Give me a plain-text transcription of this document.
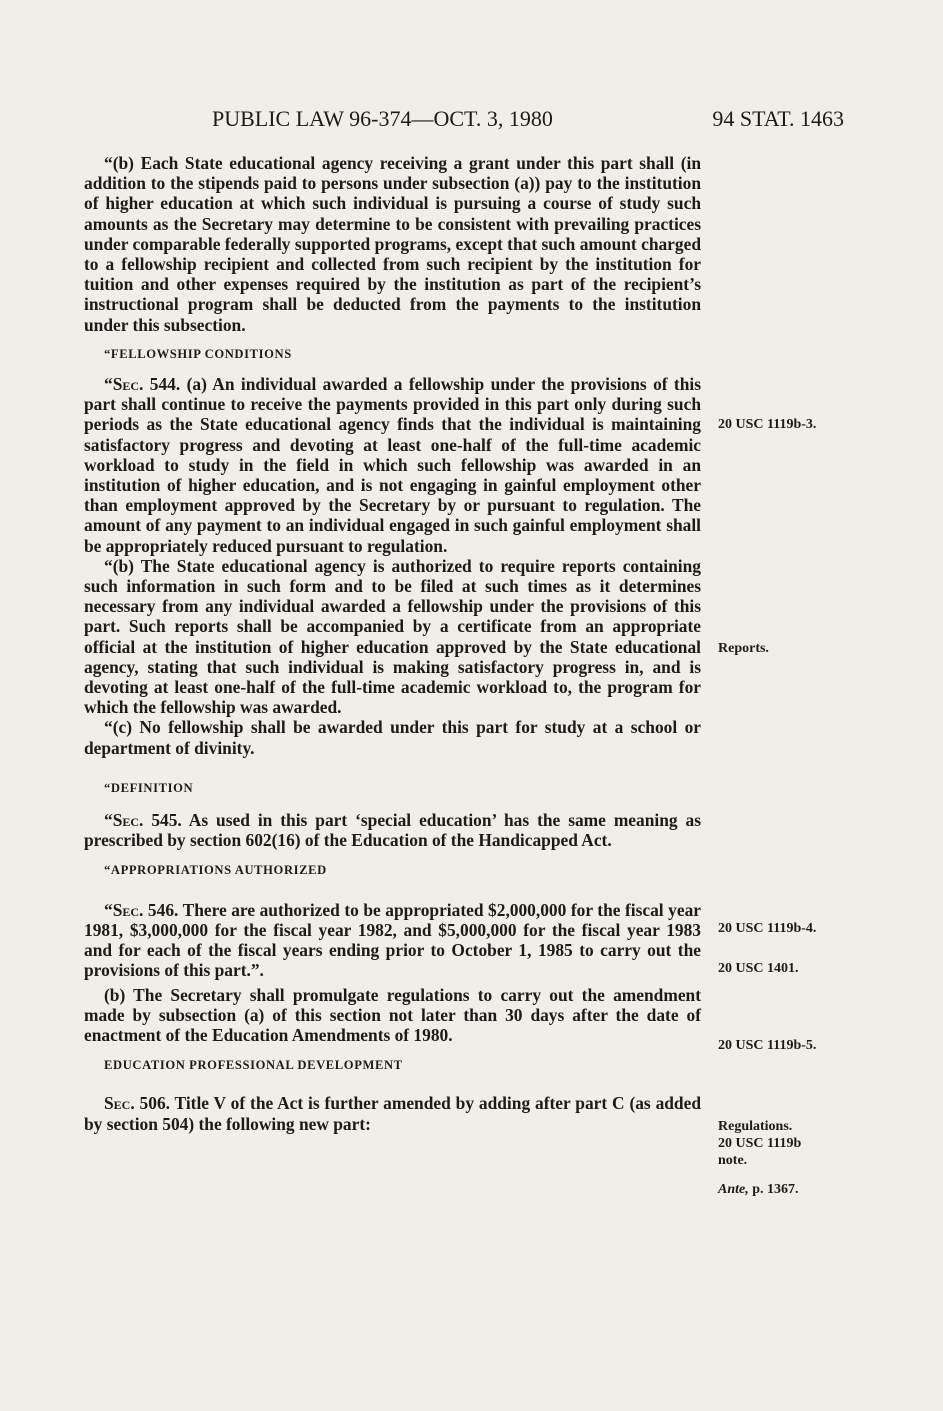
PUBLIC LAW 96-374—OCT. 3, 1980	94 STAT. 1463

“(b) Each State educational agency receiving a grant under this part shall (in addition to the stipends paid to persons under subsection (a)) pay to the institution of higher education at which such individual is pursuing a course of study such amounts as the Secretary may determine to be consistent with prevailing practices under comparable federally supported programs, except that such amount charged to a fellowship recipient and collected from such recipient by the institution for tuition and other expenses required by the institution as part of the recipient’s instructional program shall be deducted from the payments to the institution under this subsection.

“FELLOWSHIP CONDITIONS

“Sec. 544. (a) An individual awarded a fellowship under the provisions of this part shall continue to receive the payments provided in this part only during such periods as the State educational agency finds that the individual is maintaining satisfactory progress and devoting at least one-half of the full-time academic workload to study in the field in which such fellowship was awarded in an institution of higher education, and is not engaging in gainful employment other than employment approved by the Secretary by or pursuant to regulation. The amount of any payment to an individual engaged in such gainful employment shall be appropriately reduced pursuant to regulation.

“(b) The State educational agency is authorized to require reports containing such information in such form and to be filed at such times as it determines necessary from any individual awarded a fellowship under the provisions of this part. Such reports shall be accompanied by a certificate from an appropriate official at the institution of higher education approved by the State educational agency, stating that such individual is making satisfactory progress in, and is devoting at least one-half of the full-time academic workload to, the program for which the fellowship was awarded.

“(c) No fellowship shall be awarded under this part for study at a school or department of divinity.

“DEFINITION

“Sec. 545. As used in this part ‘special education’ has the same meaning as prescribed by section 602(16) of the Education of the Handicapped Act.

“APPROPRIATIONS AUTHORIZED

“Sec. 546. There are authorized to be appropriated $2,000,000 for the fiscal year 1981, $3,000,000 for the fiscal year 1982, and $5,000,000 for the fiscal year 1983 and for each of the fiscal years ending prior to October 1, 1985 to carry out the provisions of this part.”.

(b) The Secretary shall promulgate regulations to carry out the amendment made by subsection (a) of this section not later than 30 days after the date of enactment of the Education Amendments of 1980.

EDUCATION PROFESSIONAL DEVELOPMENT

Sec. 506. Title V of the Act is further amended by adding after part C (as added by section 504) the following new part:

20 USC 1119b-3.
Reports.
20 USC 1119b-4.
20 USC 1401.
20 USC 1119b-5.
Regulations.
20 USC 1119b
note.
Ante, p. 1367.
